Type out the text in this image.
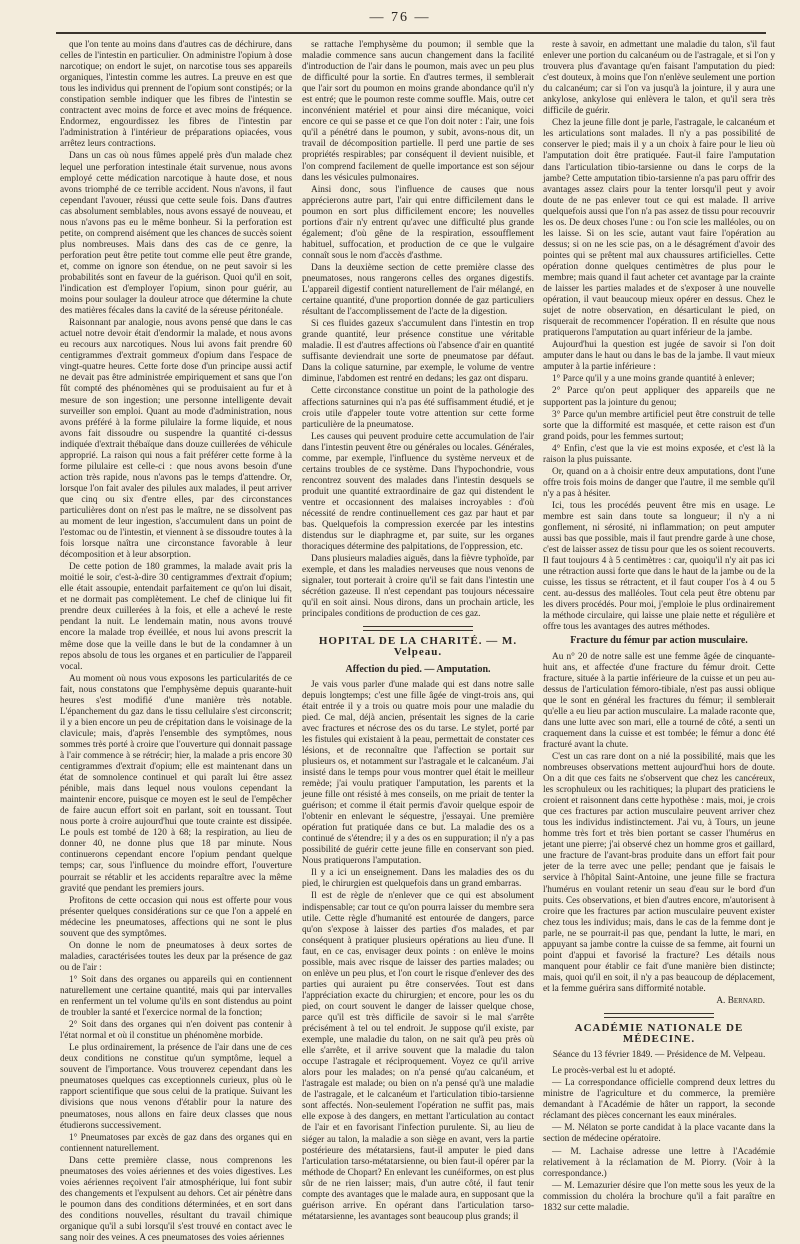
— 76 —

que l'on tente au moins dans d'autres cas de déchirure, dans celles de l'intestin en particulier. On administre l'opium à dose narcotique; on endort le sujet, on narcotise tous ses appareils organiques, l'intestin comme les autres. La preuve en est que tous les individus qui prennent de l'opium sont constipés; or la constipation semble indiquer que les fibres de l'intestin se contractent avec moins de force et avec moins de fréquence. Endormez, engourdissez les fibres de l'intestin par l'administration à l'intérieur de préparations opiacées, vous arrêtez leurs contractions.

Dans un cas où nous fûmes appelé près d'un malade chez lequel une perforation intestinale était survenue, nous avons employé cette médication narcotique à haute dose, et nous avons triomphé de ce terrible accident. Nous n'avons, il faut cependant l'avouer, réussi que cette seule fois. Dans d'autres cas absolument semblables, nous avons essayé de nouveau, et nous n'avons pas eu le même bonheur. Si la perforation est petite, on comprend aisément que les chances de succès soient plus nombreuses. Mais dans des cas de ce genre, la perforation peut être petite tout comme elle peut être grande, et, comme on ignore son étendue, on ne peut savoir si les probabilités sont en faveur de la guérison. Quoi qu'il en soit, l'indication est d'employer l'opium, sinon pour guérir, au moins pour soulager la douleur atroce que détermine la chute des matières fécales dans la cavité de la séreuse péritonéale.

Raisonnant par analogie, nous avons pensé que dans le cas actuel notre devoir était d'endormir la malade, et nous avons eu recours aux narcotiques. Nous lui avons fait prendre 60 centigrammes d'extrait gommeux d'opium dans l'espace de vingt-quatre heures. Cette forte dose d'un principe aussi actif ne devait pas être administrée empiriquement et sans que l'on fût compté des phénomènes qui se produisaient au fur et à mesure de son ingestion; une personne intelligente devait surveiller son emploi. Quant au mode d'administration, nous avons préféré à la forme pilulaire la forme liquide, et nous avons fait dissoudre ou suspendre la quantité ci-dessus indiquée d'extrait thébaïque dans douze cuillerées de véhicule approprié. La raison qui nous a fait préférer cette forme à la forme pilulaire est celle-ci : que nous avons besoin d'une action très rapide, nous n'avons pas le temps d'attendre. Or, lorsque l'on fait avaler des pilules aux malades, il peut arriver que cinq ou six d'entre elles, par des circonstances particulières dont on n'est pas le maître, ne se dissolvent pas au moment de leur ingestion, s'accumulent dans un point de l'estomac ou de l'intestin, et viennent à se dissoudre toutes à la fois lorsque naîtra une circonstance favorable à leur décomposition et à leur absorption.

De cette potion de 180 grammes, la malade avait pris la moitié le soir, c'est-à-dire 30 centigrammes d'extrait d'opium; elle était assoupie, entendait parfaitement ce qu'on lui disait, et ne dormait pas complètement. Le chef de clinique lui fit prendre deux cuillerées à la fois, et elle a achevé le reste pendant la nuit. Le lendemain matin, nous avons trouvé encore la malade trop éveillée, et nous lui avons prescrit la même dose que la veille dans le but de la condamner à un repos absolu de tous les organes et en particulier de l'appareil vocal.

Au moment où nous vous exposons les particularités de ce fait, nous constatons que l'emphysème depuis quarante-huit heures s'est modifié d'une manière très notable. L'épanchement du gaz dans le tissu cellulaire s'est circonscrit; il y a bien encore un peu de crépitation dans le voisinage de la clavicule; mais, d'après l'ensemble des symptômes, nous sommes très porté à croire que l'ouverture qui donnait passage à l'air commence à se rétrécir; hier, la malade a pris encore 30 centigrammes d'extrait d'opium; elle est maintenant dans un état de somnolence continuel et qui paraît lui être assez pénible, mais dans lequel nous voulons cependant la maintenir encore, puisque ce moyen est le seul de l'empêcher de faire aucun effort soit en parlant, soit en toussant. Tout nous porte à croire aujourd'hui que toute crainte est dissipée. Le pouls est tombé de 120 à 68; la respiration, au lieu de donner 40, ne donne plus que 18 par minute. Nous continuerons cependant encore l'opium pendant quelque temps; car, sous l'influence du moindre effort, l'ouverture pourrait se rétablir et les accidents reparaître avec la même gravité que pendant les premiers jours.

Profitons de cette occasion qui nous est offerte pour vous présenter quelques considérations sur ce que l'on a appelé en médecine les pneumatoses, affections qui ne sont le plus souvent que des symptômes.

On donne le nom de pneumatoses à deux sortes de maladies, caractérisées toutes les deux par la présence de gaz ou de l'air :

1° Soit dans des organes ou appareils qui en contiennent naturellement une certaine quantité, mais qui par intervalles en renferment un tel volume qu'ils en sont distendus au point de troubler la santé et l'exercice normal de la fonction;

2° Soit dans des organes qui n'en doivent pas contenir à l'état normal et où il constitue un phénomène morbide.

Le plus ordinairement, la présence de l'air dans une de ces deux conditions ne constitue qu'un symptôme, lequel a souvent de l'importance. Vous trouverez cependant dans les pneumatoses quelques cas exceptionnels curieux, plus où le rapport scientifique que sous celui de la pratique. Suivant les divisions que nous venons d'établir pour la nature des pneumatoses, nous allons en faire deux classes que nous étudierons successivement.

1° Pneumatoses par excès de gaz dans des organes qui en contiennent naturellement.

Dans cette première classe, nous comprenons les pneumatoses des voies aériennes et des voies digestives. Les voies aériennes reçoivent l'air atmosphérique, lui font subir des changements et l'expulsent au dehors. Cet air pénètre dans le poumon dans des conditions déterminées, et en sort dans des conditions nouvelles, résultant du travail chimique organique qu'il a subi lorsqu'il s'est trouvé en contact avec le sang noir des veines. A ces pneumatoses des voies aériennes

se rattache l'emphysème du poumon; il semble que la maladie commence sans aucun changement dans la facilité d'introduction de l'air dans le poumon, mais avec un peu plus de difficulté pour la sortie. En d'autres termes, il semblerait que l'air sort du poumon en moins grande abondance qu'il n'y est entré; que le poumon reste comme souffle. Mais, outre cet inconvénient matériel et pour ainsi dire mécanique, voici encore ce qui se passe et ce que l'on doit noter : l'air, une fois qu'il a pénétré dans le poumon, y subit, avons-nous dit, un travail de décomposition partielle. Il perd une partie de ses propriétés respirables; par conséquent il devient nuisible, et l'on comprend facilement de quelle importance est son séjour dans les vésicules pulmonaires.

Ainsi donc, sous l'influence de causes que nous apprécierons autre part, l'air qui entre difficilement dans le poumon en sort plus difficilement encore; les nouvelles portions d'air n'y entrent qu'avec une difficulté plus grande également; d'où gêne de la respiration, essoufflement habituel, suffocation, et production de ce que le vulgaire connaît sous le nom d'accès d'asthme.

Dans la deuxième section de cette première classe des pneumatoses, nous rangerons celles des organes digestifs. L'appareil digestif contient naturellement de l'air mélangé, en certaine quantité, d'une proportion donnée de gaz particuliers résultant de l'accomplissement de l'acte de la digestion.

Si ces fluides gazeux s'accumulent dans l'intestin en trop grande quantité, leur présence constitue une véritable maladie. Il est d'autres affections où l'absence d'air en quantité suffisante deviendrait une sorte de pneumatose par défaut. Dans la colique saturnine, par exemple, le volume de ventre diminue, l'abdomen est rentré en dedans; les gaz ont disparu.

Cette circonstance constitue un point de la pathologie des affections saturnines qui n'a pas été suffisamment étudié, et je crois utile d'appeler toute votre attention sur cette forme particulière de la pneumatose.

Les causes qui peuvent produire cette accumulation de l'air dans l'intestin peuvent être ou générales ou locales. Générales, comme, par exemple, l'influence du système nerveux et de certains troubles de ce système. Dans l'hypochondrie, vous rencontrez souvent des malades dans l'intestin desquels se produit une quantité extraordinaire de gaz qui distendent le ventre et occasionnent des malaises incroyables : d'où nécessité de rendre continuellement ces gaz par haut et par bas. Quelquefois la compression exercée par les intestins distendus sur le diaphragme et, par suite, sur les organes thoraciques détermine des palpitations, de l'oppression, etc.

Dans plusieurs maladies aiguës, dans la fièvre typhoïde, par exemple, et dans les maladies nerveuses que nous venons de signaler, tout porterait à croire qu'il se fait dans l'intestin une sécrétion gazeuse. Il n'est cependant pas toujours nécessaire qu'il en soit ainsi. Nous dirons, dans un prochain article, les principales conditions de production de ces gaz.

HOPITAL DE LA CHARITÉ. — M. Velpeau.
Affection du pied. — Amputation.

Je vais vous parler d'une malade qui est dans notre salle depuis longtemps; c'est une fille âgée de vingt-trois ans, qui était entrée il y a trois ou quatre mois pour une maladie du pied. Ce mal, déjà ancien, présentait les signes de la carie avec fractures et nécrose des os du tarse. Le stylet, porté par les fistules qui existaient à la peau, permettait de constater ces lésions, et de reconnaître que l'affection se portait sur plusieurs os, et notamment sur l'astragale et le calcanéum. J'ai insisté dans le temps pour vous montrer quel était le meilleur remède; j'ai voulu pratiquer l'amputation, les parents et la jeune fille ont résisté à mes conseils, on me priait de tenter la guérison; et comme il était permis d'avoir quelque espoir de l'obtenir en enlevant le séquestre, j'essayai. Une première opération fut pratiquée dans ce but. La maladie des os a continué de s'étendre; il y a des os en suppuration; il n'y a pas possibilité de guérir cette jeune fille en conservant son pied. Nous pratiquerons l'amputation.

Il y a ici un enseignement. Dans les maladies des os du pied, le chirurgien est quelquefois dans un grand embarras.

Il est de règle de n'enlever que ce qui est absolument indispensable; car tout ce qu'on pourra laisser du membre sera utile. Cette règle d'humanité est entourée de dangers, parce qu'on s'expose à laisser des parties d'os malades, et par conséquent à pratiquer plusieurs opérations au lieu d'une. Il faut, en ce cas, envisager deux points : on enlève le moins possible, mais avec risque de laisser des parties malades; ou on enlève un peu plus, et l'on court le risque d'enlever des des parties qui auraient pu être conservées. Tout est dans l'appréciation exacte du chirurgien; et encore, pour les os du pied, on court souvent le danger de laisser quelque chose, parce qu'il est très difficile de savoir si le mal s'arrête précisément à tel ou tel endroit. Je suppose qu'il existe, par exemple, une maladie du talon, on ne sait qu'à peu près où elle s'arrête, et il arrive souvent que la maladie du talon occupe l'astragale et réciproquement. Voyez ce qu'il arrive alors pour les malades; on n'a pensé qu'au calcanéum, et l'astragale est malade; ou bien on n'a pensé qu'à une maladie de l'astragale, et le calcanéum et l'articulation tibio-tarsienne sont affectés. Non-seulement l'opération ne suffit pas, mais elle expose à des dangers, en mettant l'articulation au contact de l'air et en favorisant l'infection purulente. Si, au lieu de siéger au talon, la maladie a son siège en avant, vers la partie postérieure des métatarsiens, faut-il amputer le pied dans l'articulation tarso-métatarsienne, ou bien faut-il opérer par la méthode de Chopart? En enlevant les cunéiformes, on est plus sûr de ne rien laisser; mais, d'un autre côté, il faut tenir compte des avantages que le malade aura, en supposant que la guérison arrive. En opérant dans l'articulation tarso-métatarsienne, les avantages sont beaucoup plus grands; il

reste à savoir, en admettant une maladie du talon, s'il faut enlever une portion du calcanéum ou de l'astragale, et si l'on y trouvera plus d'avantage qu'en faisant l'amputation du pied: c'est douteux, à moins que l'on n'enlève seulement une portion du calcanéum; car si l'on va jusqu'à la jointure, il y aura une ankylose, ankylose qui enlèvera le talon, et qu'il sera très difficile de guérir.

Chez la jeune fille dont je parle, l'astragale, le calcanéum et les articulations sont malades. Il n'y a pas possibilité de conserver le pied; mais il y a un choix à faire pour le lieu où l'amputation doit être pratiquée. Faut-il faire l'amputation dans l'articulation tibio-tarsienne ou dans le corps de la jambe? Cette amputation tibio-tarsienne n'a pas paru offrir des avantages assez clairs pour la tenter lorsqu'il peut y avoir doute de ne pas enlever tout ce qui est malade. Il arrive quelquefois aussi que l'on n'a pas assez de tissu pour recouvrir les os. De deux choses l'une : ou l'on scie les malléoles, ou on les laisse. Si on les scie, autant vaut faire l'opération au dessus; si on ne les scie pas, on a le désagrément d'avoir des pointes qui se prêtent mal aux chaussures artificielles. Cette opération donne quelques centimètres de plus pour le membre; mais quand il faut acheter cet avantage par la crainte de laisser les parties malades et de s'exposer à une nouvelle opération, il vaut beaucoup mieux opérer en dessus. Chez le sujet de notre observation, en désarticulant le pied, on risquerait de recommencer l'opération. Il en résulte que nous pratiquerons l'amputation au quart inférieur de la jambe.

Aujourd'hui la question est jugée de savoir si l'on doit amputer dans le haut ou dans le bas de la jambe. Il vaut mieux amputer à la partie inférieure :

1° Parce qu'il y a une moins grande quantité à enlever;

2° Parce qu'on peut appliquer des appareils que ne supportent pas la jointure du genou;

3° Parce qu'un membre artificiel peut être construit de telle sorte que la difformité est masquée, et cette raison est d'un grand poids, pour les femmes surtout;

4° Enfin, c'est que la vie est moins exposée, et c'est là la raison la plus puissante.

Or, quand on a à choisir entre deux amputations, dont l'une offre trois fois moins de danger que l'autre, il me semble qu'il n'y a pas à hésiter.

Ici, tous les procédés peuvent être mis en usage. Le membre est sain dans toute sa longueur; il n'y a ni gonflement, ni sérosité, ni inflammation; on peut amputer aussi bas que possible, mais il faut prendre garde à une chose, c'est de laisser assez de tissu pour que les os soient recouverts. Il faut toujours 4 à 5 centimètres : car, quoiqu'il n'y ait pas ici une rétraction aussi forte que dans le haut de la jambe ou de la cuisse, les tissus se rétractent, et il faut couper l'os à 4 ou 5 cent. au-dessus des malléoles. Tout cela peut être obtenu par les divers procédés. Pour moi, j'emploie le plus ordinairement la méthode circulaire, qui laisse une plaie nette et régulière et offre tous les avantages des autres méthodes.

Fracture du fémur par action musculaire.

Au n° 20 de notre salle est une femme âgée de cinquante-huit ans, et affectée d'une fracture du fémur droit. Cette fracture, située à la partie inférieure de la cuisse et un peu au-dessus de l'articulation fémoro-tibiale, n'est pas aussi oblique que le sont en général les fractures du fémur; il semblerait qu'elle a eu lieu par action musculaire. La malade raconte que, dans une lutte avec son mari, elle a tourné de côté, a senti un craquement dans la cuisse et est tombée; le fémur a donc été fracturé avant la chute.

C'est un cas rare dont on a nié la possibilité, mais que les nombreuses observations mettent aujourd'hui hors de doute. On a dit que ces faits ne s'observent que chez les cancéreux, les scrophuleux ou les rachitiques; la plupart des praticiens le croient et raisonnent dans cette hypothèse : mais, moi, je crois que ces fractures par action musculaire peuvent arriver chez tous les individus indistinctement. J'ai vu, à Tours, un jeune homme très fort et très bien portant se casser l'humérus en jetant une pierre; j'ai observé chez un homme gros et gaillard, une fracture de l'avant-bras produite dans un effort fait pour jeter de la terre avec une pelle; pendant que je faisais le service à l'hôpital Saint-Antoine, une jeune fille se fractura l'humérus en voulant retenir un seau d'eau sur le bord d'un puits. Ces observations, et bien d'autres encore, m'autorisent à croire que les fractures par action musculaire peuvent exister chez tous les individus; mais, dans le cas de la femme dont je parle, ne se pourrait-il pas que, pendant la lutte, le mari, en appuyant sa jambe contre la cuisse de sa femme, ait fourni un point d'appui et favorisé la fracture? Les détails nous manquent pour établir ce fait d'une manière bien distincte; mais, quoi qu'il en soit, il n'y a pas beaucoup de déplacement, et la femme guérira sans difformité notable.

A. Bernard.
ACADÉMIE NATIONALE DE MÉDECINE.
Séance du 13 février 1849. — Présidence de M. Velpeau.

Le procès-verbal est lu et adopté.

— La correspondance officielle comprend deux lettres du ministre de l'agriculture et du commerce, la première demandant à l'Académie de hâter un rapport, la seconde réclamant des pièces concernant les eaux minérales.

— M. Nélaton se porte candidat à la place vacante dans la section de médecine opératoire.

— M. Lachaise adresse une lettre à l'Académie relativement à la réclamation de M. Piorry. (Voir à la correspondance.)

— M. Lemazurier désire que l'on mette sous les yeux de la commission du choléra la brochure qu'il a fait paraître en 1832 sur cette maladie.
